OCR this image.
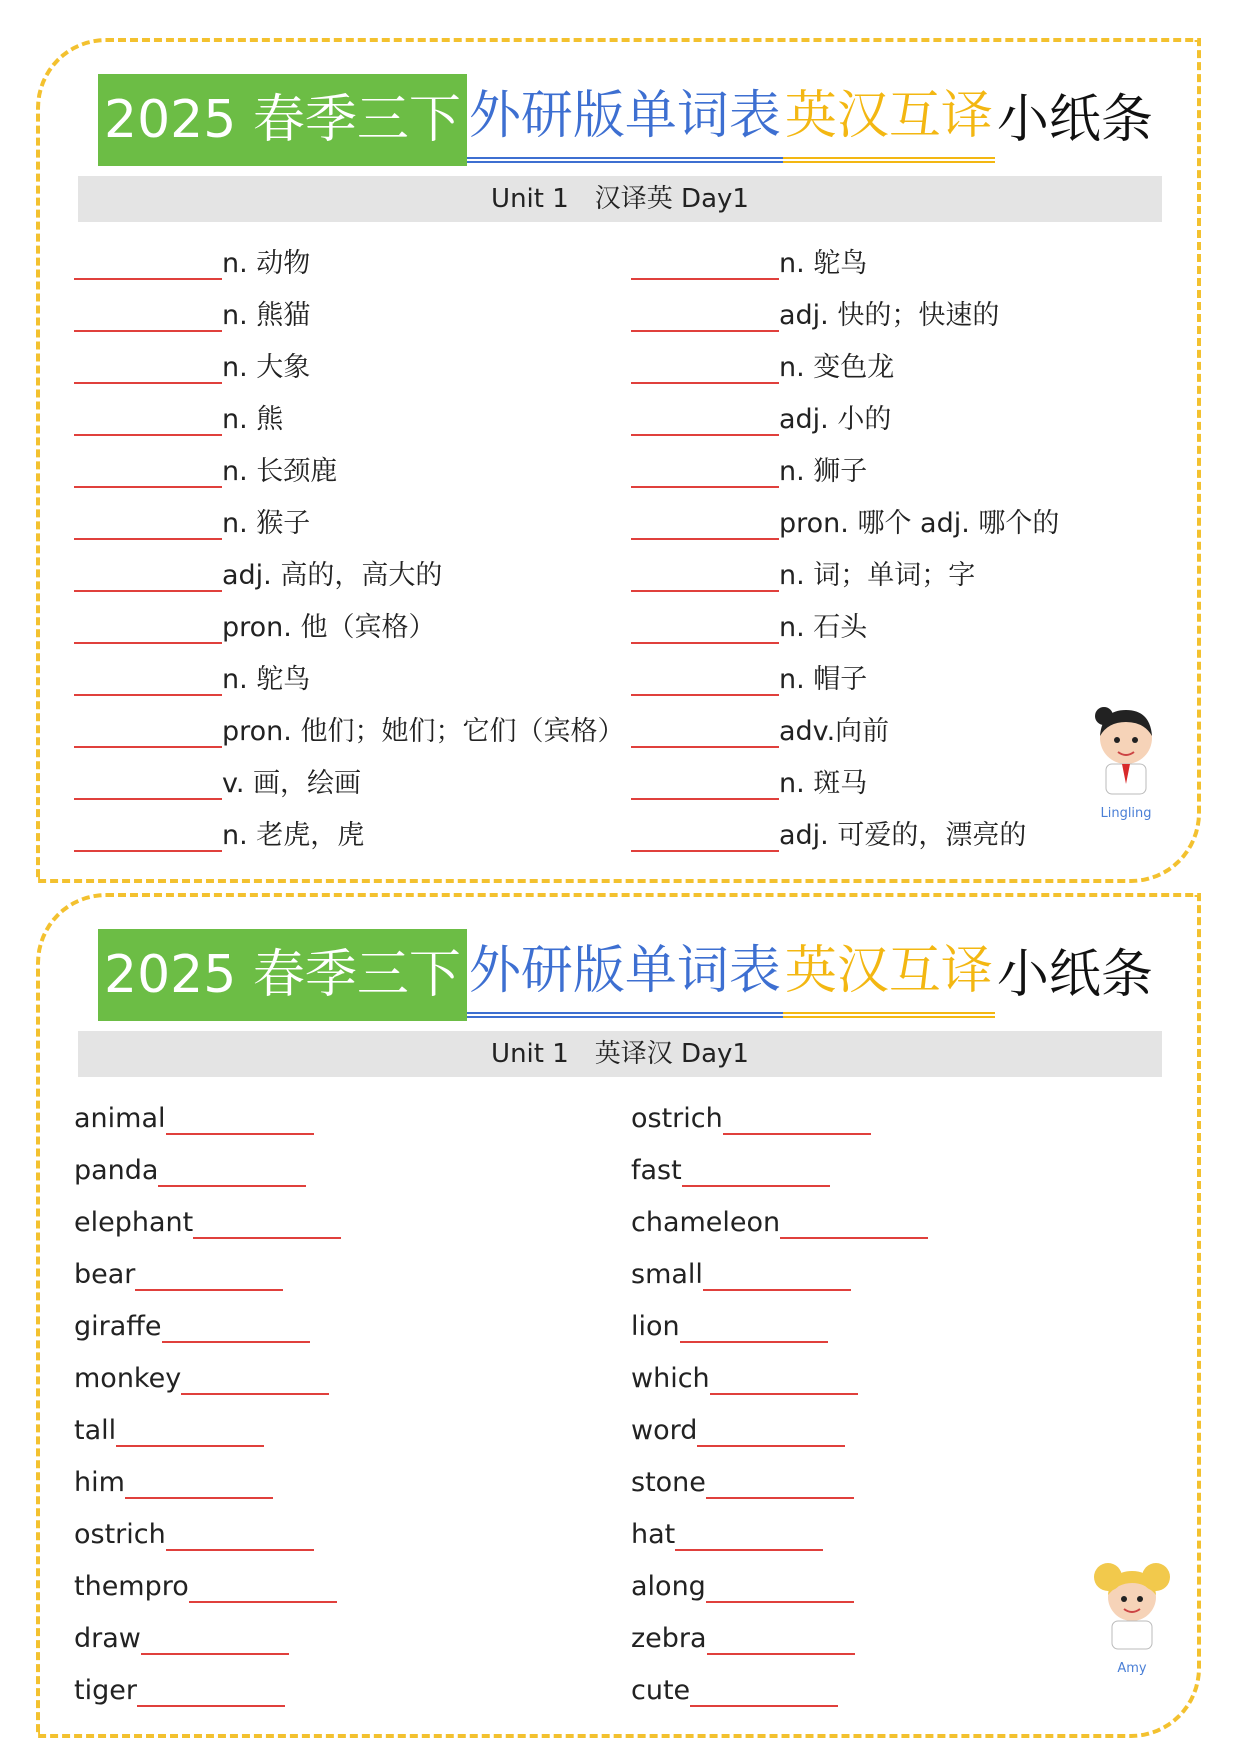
2025 春季三下 外研版单词表 英汉互译 小纸条
Unit 1　汉译英 Day1
n. 动物
n. 熊猫
n. 大象
n. 熊
n. 长颈鹿
n. 猴子
adj. 高的，高大的
pron. 他（宾格）
n. 鸵鸟
pron. 他们；她们；它们（宾格）
v. 画，绘画
n. 老虎，虎
n. 鸵鸟
adj. 快的；快速的
n. 变色龙
adj. 小的
n. 狮子
pron. 哪个 adj. 哪个的
n. 词；单词；字
n. 石头
n. 帽子
adv.向前
n. 斑马
adj. 可爱的，漂亮的
Lingling
2025 春季三下 外研版单词表 英汉互译 小纸条
Unit 1　英译汉 Day1
animal
panda
elephant
bear
giraffe
monkey
tall
him
ostrich
thempro
draw
tiger
ostrich
fast
chameleon
small
lion
which
word
stone
hat
along
zebra
cute
Amy
